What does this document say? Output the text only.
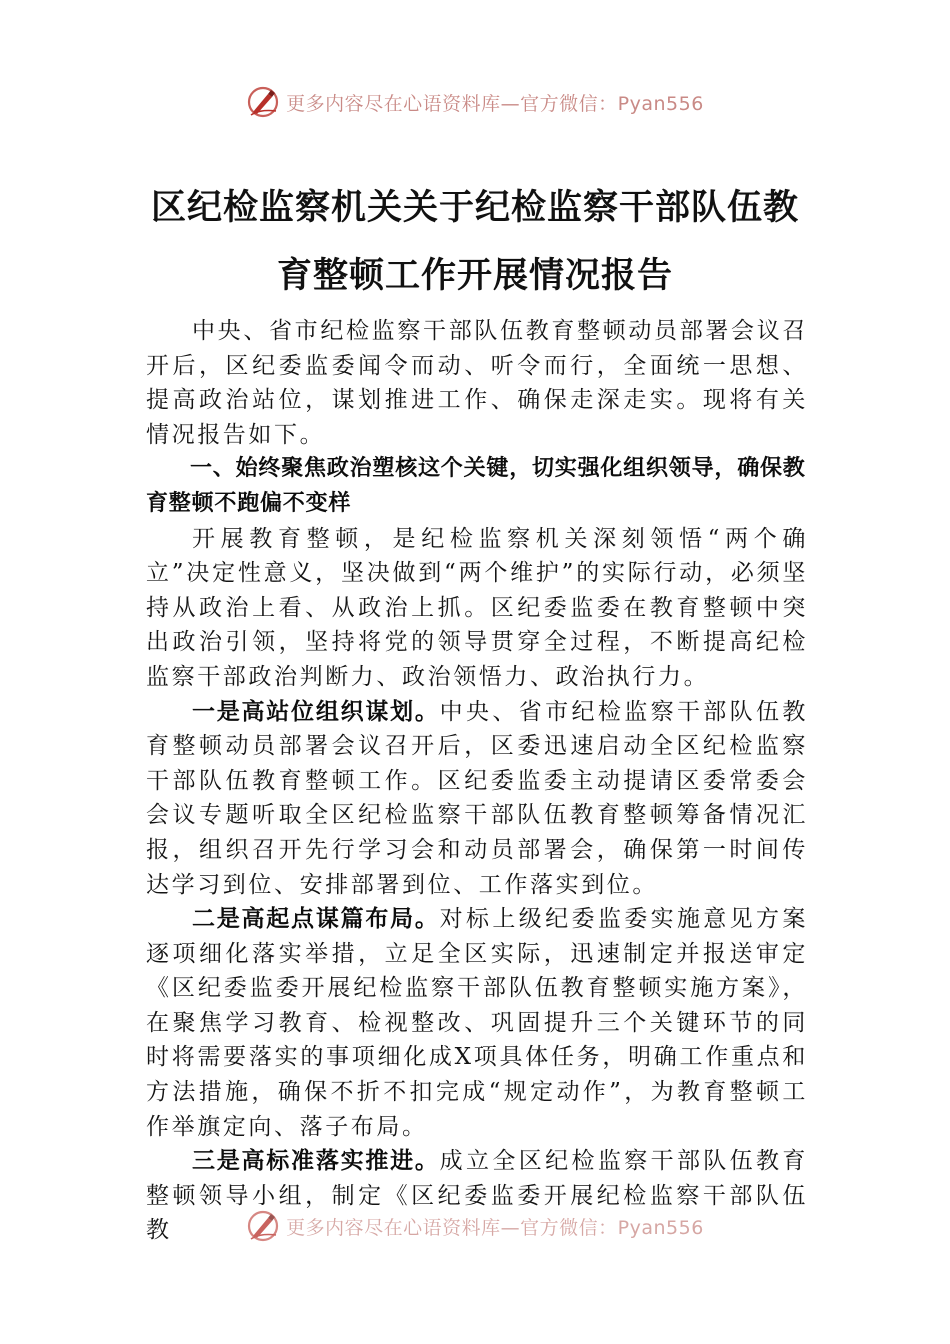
更多内容尽在心语资料库—官方微信：Pyan556
区纪检监察机关关于纪检监察干部队伍教
育整顿工作开展情况报告

中央、省市纪检监察干部队伍教育整顿动员部署会议召开后，区纪委监委闻令而动、听令而行，全面统一思想、提高政治站位，谋划推进工作、确保走深走实。现将有关情况报告如下。

一、始终聚焦政治塑核这个关键，切实强化组织领导，确保教育整顿不跑偏不变样

开展教育整顿，是纪检监察机关深刻领悟“两个确立”决定性意义，坚决做到“两个维护”的实际行动，必须坚持从政治上看、从政治上抓。区纪委监委在教育整顿中突出政治引领，坚持将党的领导贯穿全过程，不断提高纪检监察干部政治判断力、政治领悟力、政治执行力。

一是高站位组织谋划。中央、省市纪检监察干部队伍教育整顿动员部署会议召开后，区委迅速启动全区纪检监察干部队伍教育整顿工作。区纪委监委主动提请区委常委会会议专题听取全区纪检监察干部队伍教育整顿筹备情况汇报，组织召开先行学习会和动员部署会，确保第一时间传达学习到位、安排部署到位、工作落实到位。

二是高起点谋篇布局。对标上级纪委监委实施意见方案逐项细化落实举措，立足全区实际，迅速制定并报送审定《区纪委监委开展纪检监察干部队伍教育整顿实施方案》，在聚焦学习教育、检视整改、巩固提升三个关键环节的同时将需要落实的事项细化成X项具体任务，明确工作重点和方法措施，确保不折不扣完成“规定动作”，为教育整顿工作举旗定向、落子布局。

三是高标准落实推进。成立全区纪检监察干部队伍教育整顿领导小组，制定《区纪委监委开展纪检监察干部队伍教	更多内容尽在心语资料库—官方微信：Pyan556
